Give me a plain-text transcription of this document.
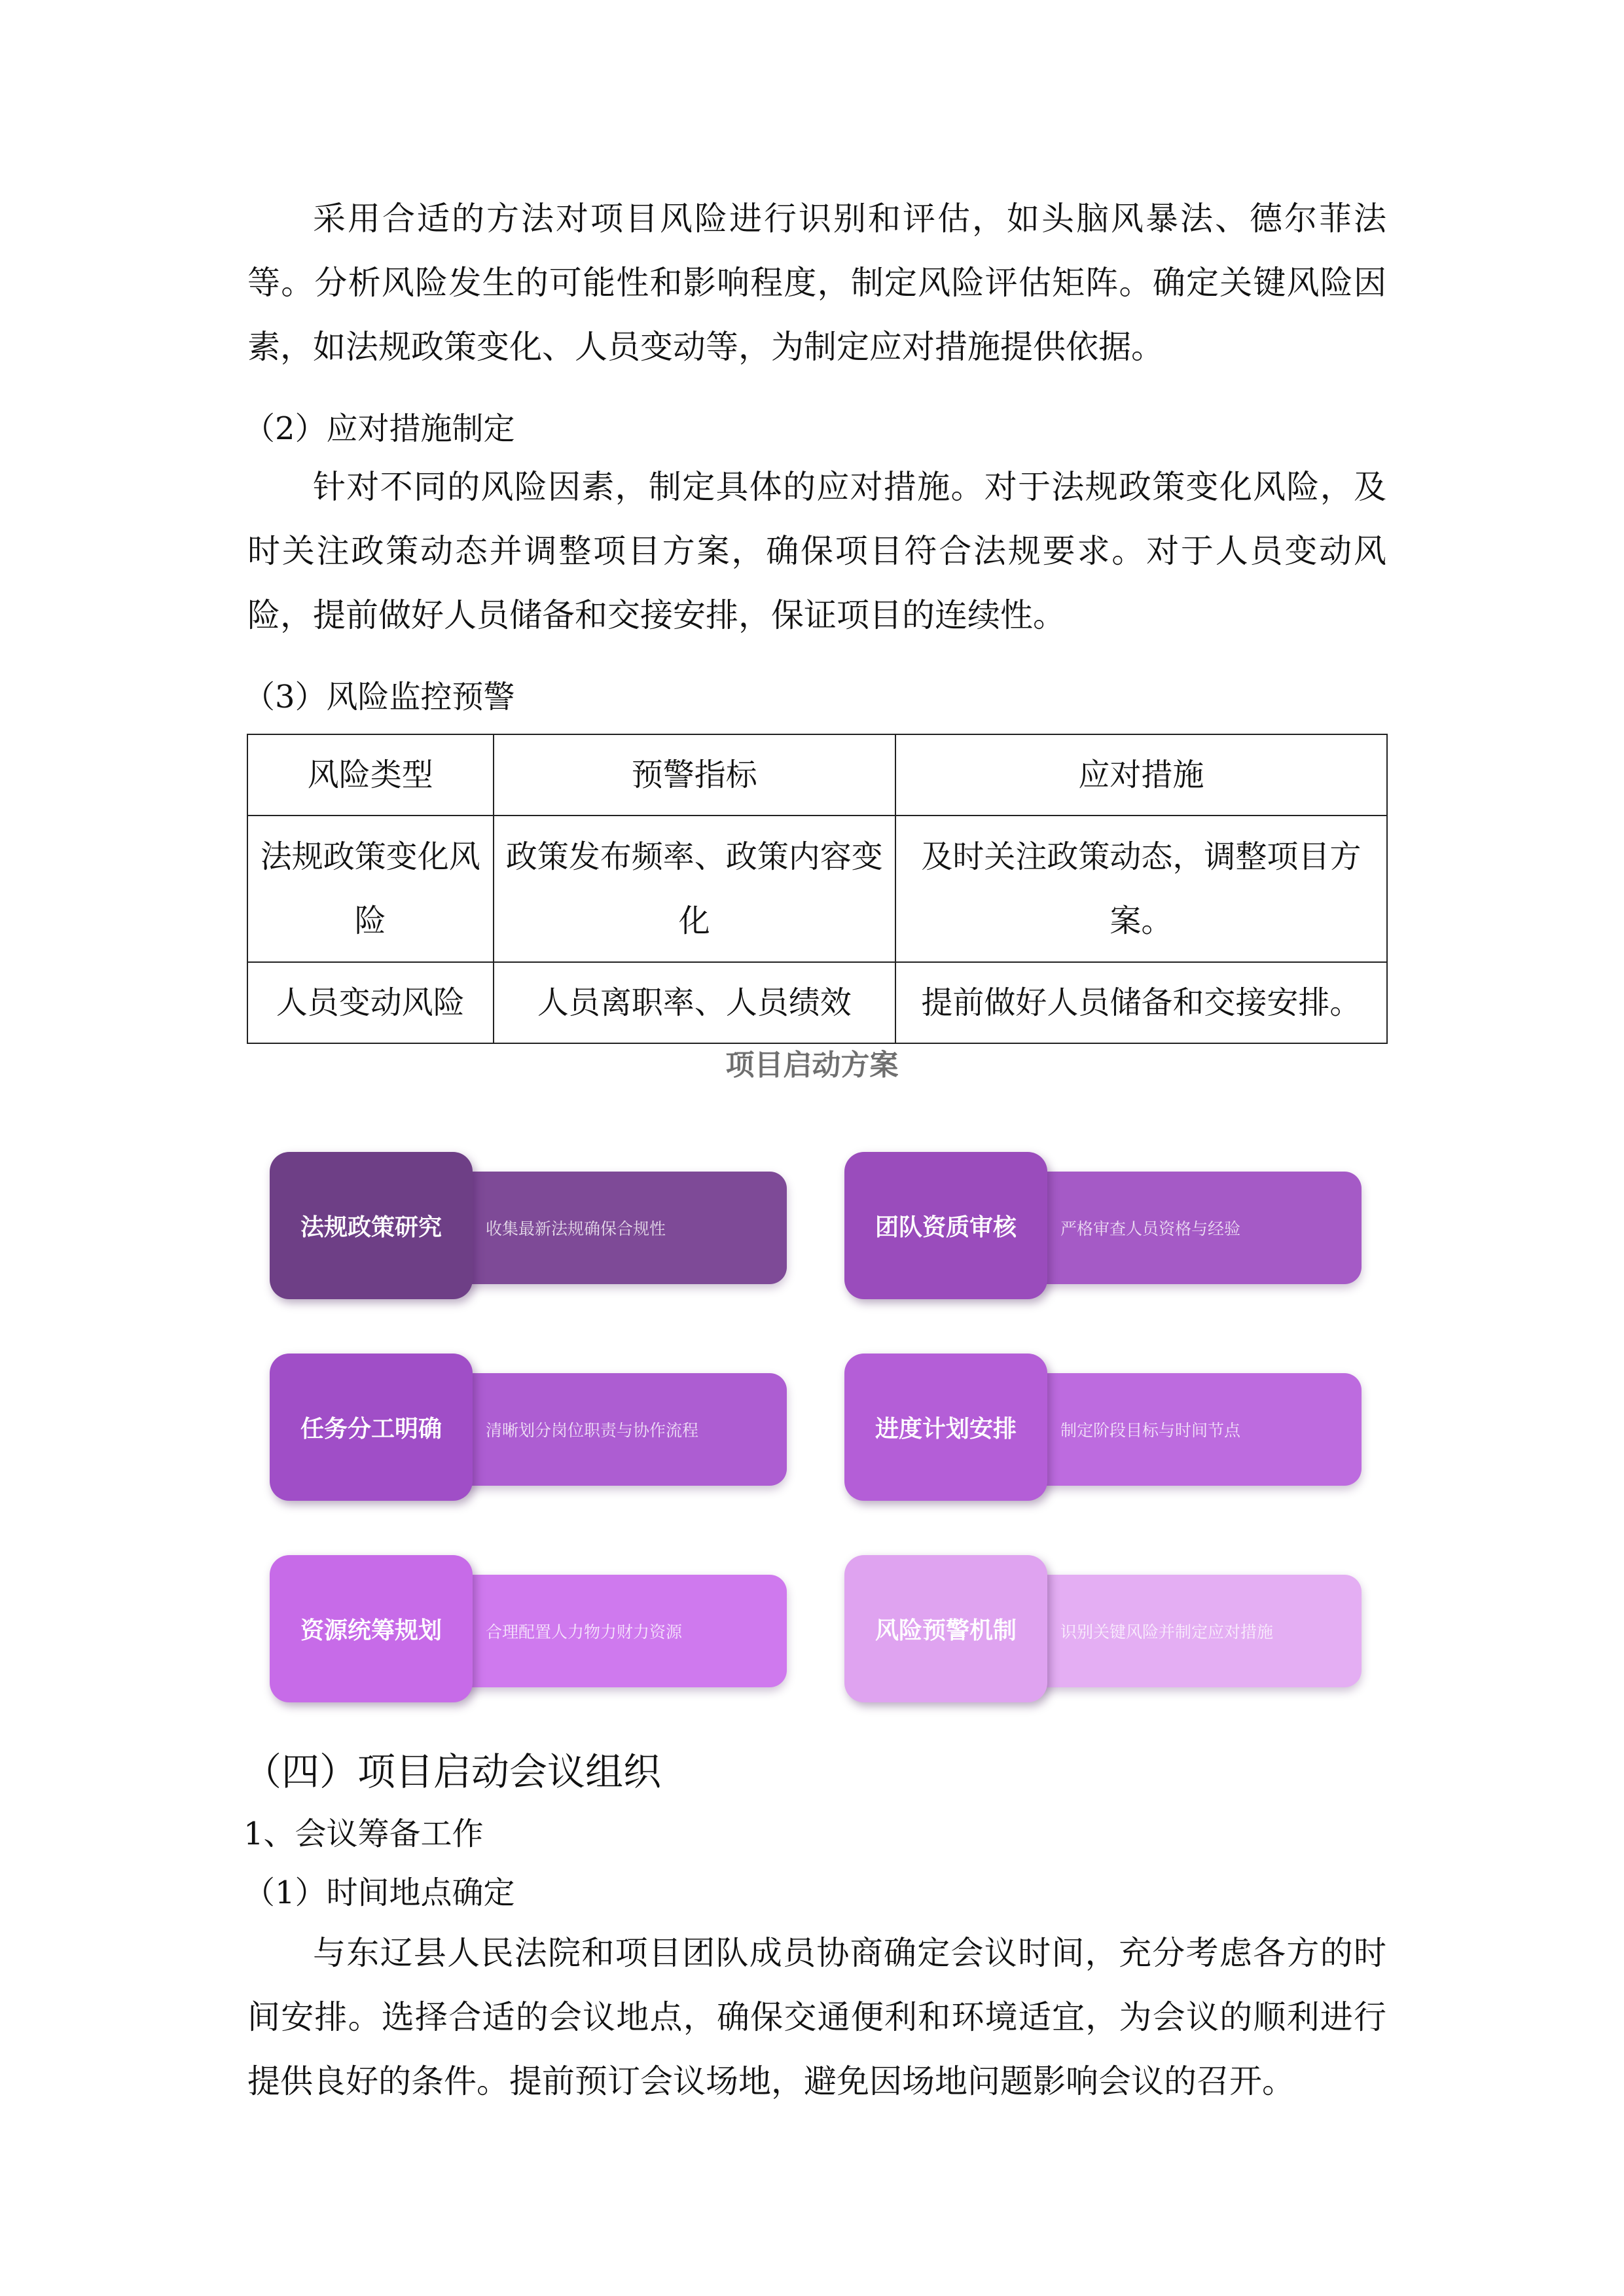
采用合适的方法对项目风险进行识别和评估，如头脑风暴法、德尔菲法等。分析风险发生的可能性和影响程度，制定风险评估矩阵。确定关键风险因素，如法规政策变化、人员变动等，为制定应对措施提供依据。

（2）应对措施制定

针对不同的风险因素，制定具体的应对措施。对于法规政策变化风险，及时关注政策动态并调整项目方案，确保项目符合法规要求。对于人员变动风险，提前做好人员储备和交接安排，保证项目的连续性。

（3）风险监控预警

风险类型	预警指标	应对措施
法规政策变化风险	政策发布频率、政策内容变化	及时关注政策动态，调整项目方案。
人员变动风险	人员离职率、人员绩效	提前做好人员储备和交接安排。
项目启动方案
法规政策研究	收集最新法规确保合规性	团队资质审核	严格审查人员资格与经验
任务分工明确	清晰划分岗位职责与协作流程	进度计划安排	制定阶段目标与时间节点
资源统筹规划	合理配置人力物力财力资源	风险预警机制	识别关键风险并制定应对措施

（四）项目启动会议组织

1、会议筹备工作

（1）时间地点确定

与东辽县人民法院和项目团队成员协商确定会议时间，充分考虑各方的时间安排。选择合适的会议地点，确保交通便利和环境适宜，为会议的顺利进行提供良好的条件。提前预订会议场地，避免因场地问题影响会议的召开。
